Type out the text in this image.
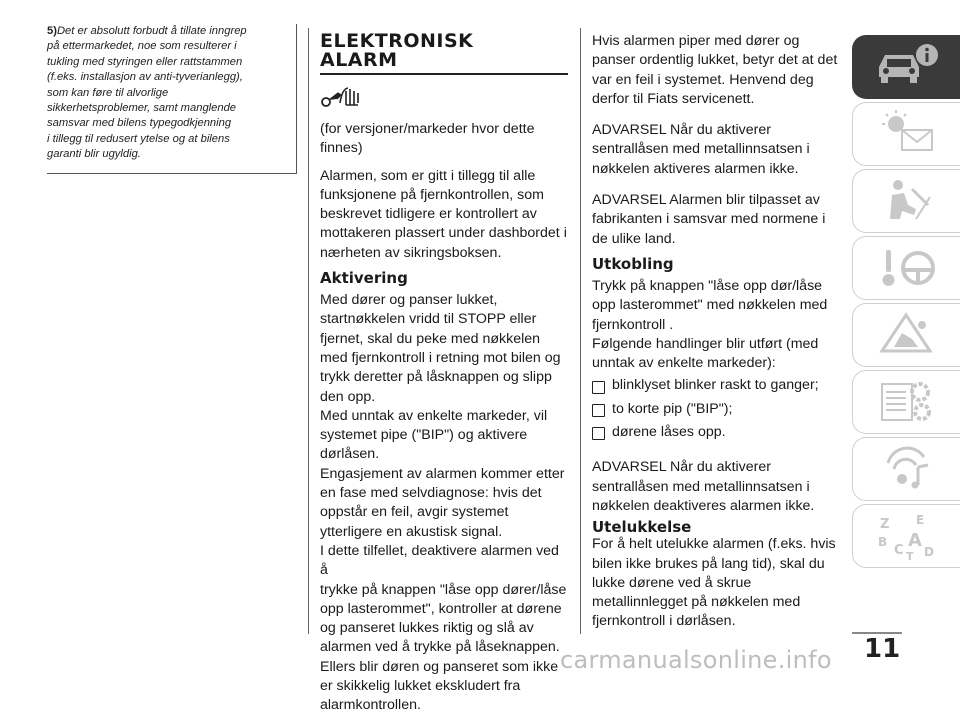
5)Det er absolutt forbudt å tillate inngrep

på ettermarkedet, noe som resulterer i

tukling med styringen eller rattstammen

(f.eks. installasjon av anti-tyverianlegg),

som kan føre til alvorlige

sikkerhetsproblemer, samt manglende

samsvar med bilens typegodkjenning

i tillegg til redusert ytelse og at bilens

garanti blir ugyldig.

ELEKTRONISK
ALARM

(for versjoner/markeder hvor dette

finnes)

Alarmen, som er gitt i tillegg til alle

funksjonene på fjernkontrollen, som

beskrevet tidligere er kontrollert av

mottakeren plassert under dashbordet i

nærheten av sikringsboksen.

Aktivering

Med dører og panser lukket,

startnøkkelen vridd til STOPP eller

fjernet, skal du peke med nøkkelen

med fjernkontroll i retning mot bilen og

trykk deretter på låsknappen og slipp

den opp.

Med unntak av enkelte markeder, vil

systemet pipe ("BIP") og aktivere

dørlåsen.

Engasjement av alarmen kommer etter

en fase med selvdiagnose: hvis det

oppstår en feil, avgir systemet

ytterligere en akustisk signal.

I dette tilfellet, deaktivere alarmen ved å

trykke på knappen "låse opp dører/låse

opp lasterommet", kontroller at dørene

og panseret lukkes riktig og slå av

alarmen ved å trykke på låseknappen.

Ellers blir døren og panseret som ikke

er skikkelig lukket ekskludert fra

alarmkontrollen.

Hvis alarmen piper med dører og

panser ordentlig lukket, betyr det at det

var en feil i systemet. Henvend deg

derfor til Fiats servicenett.

ADVARSEL Når du aktiverer

sentrallåsen med metallinnsatsen i

nøkkelen aktiveres alarmen ikke.

ADVARSEL Alarmen blir tilpasset av

fabrikanten i samsvar med normene i

de ulike land.

Utkobling

Trykk på knappen "låse opp dør/låse

opp lasterommet" med nøkkelen med

fjernkontroll .

Følgende handlinger blir utført (med

unntak av enkelte markeder):

blinklyset blinker raskt to ganger;
to korte pip ("BIP");
dørene låses opp.

ADVARSEL Når du aktiverer

sentrallåsen med metallinnsatsen i

nøkkelen deaktiveres alarmen ikke.

Utelukkelse

For å helt utelukke alarmen (f.eks. hvis

bilen ikke brukes på lang tid), skal du

lukke dørene ved å skrue

metallinnlegget på nøkkelen med

fjernkontroll i dørlåsen.

Z E
B
C A
D
T
11
carmanualsonline.info
